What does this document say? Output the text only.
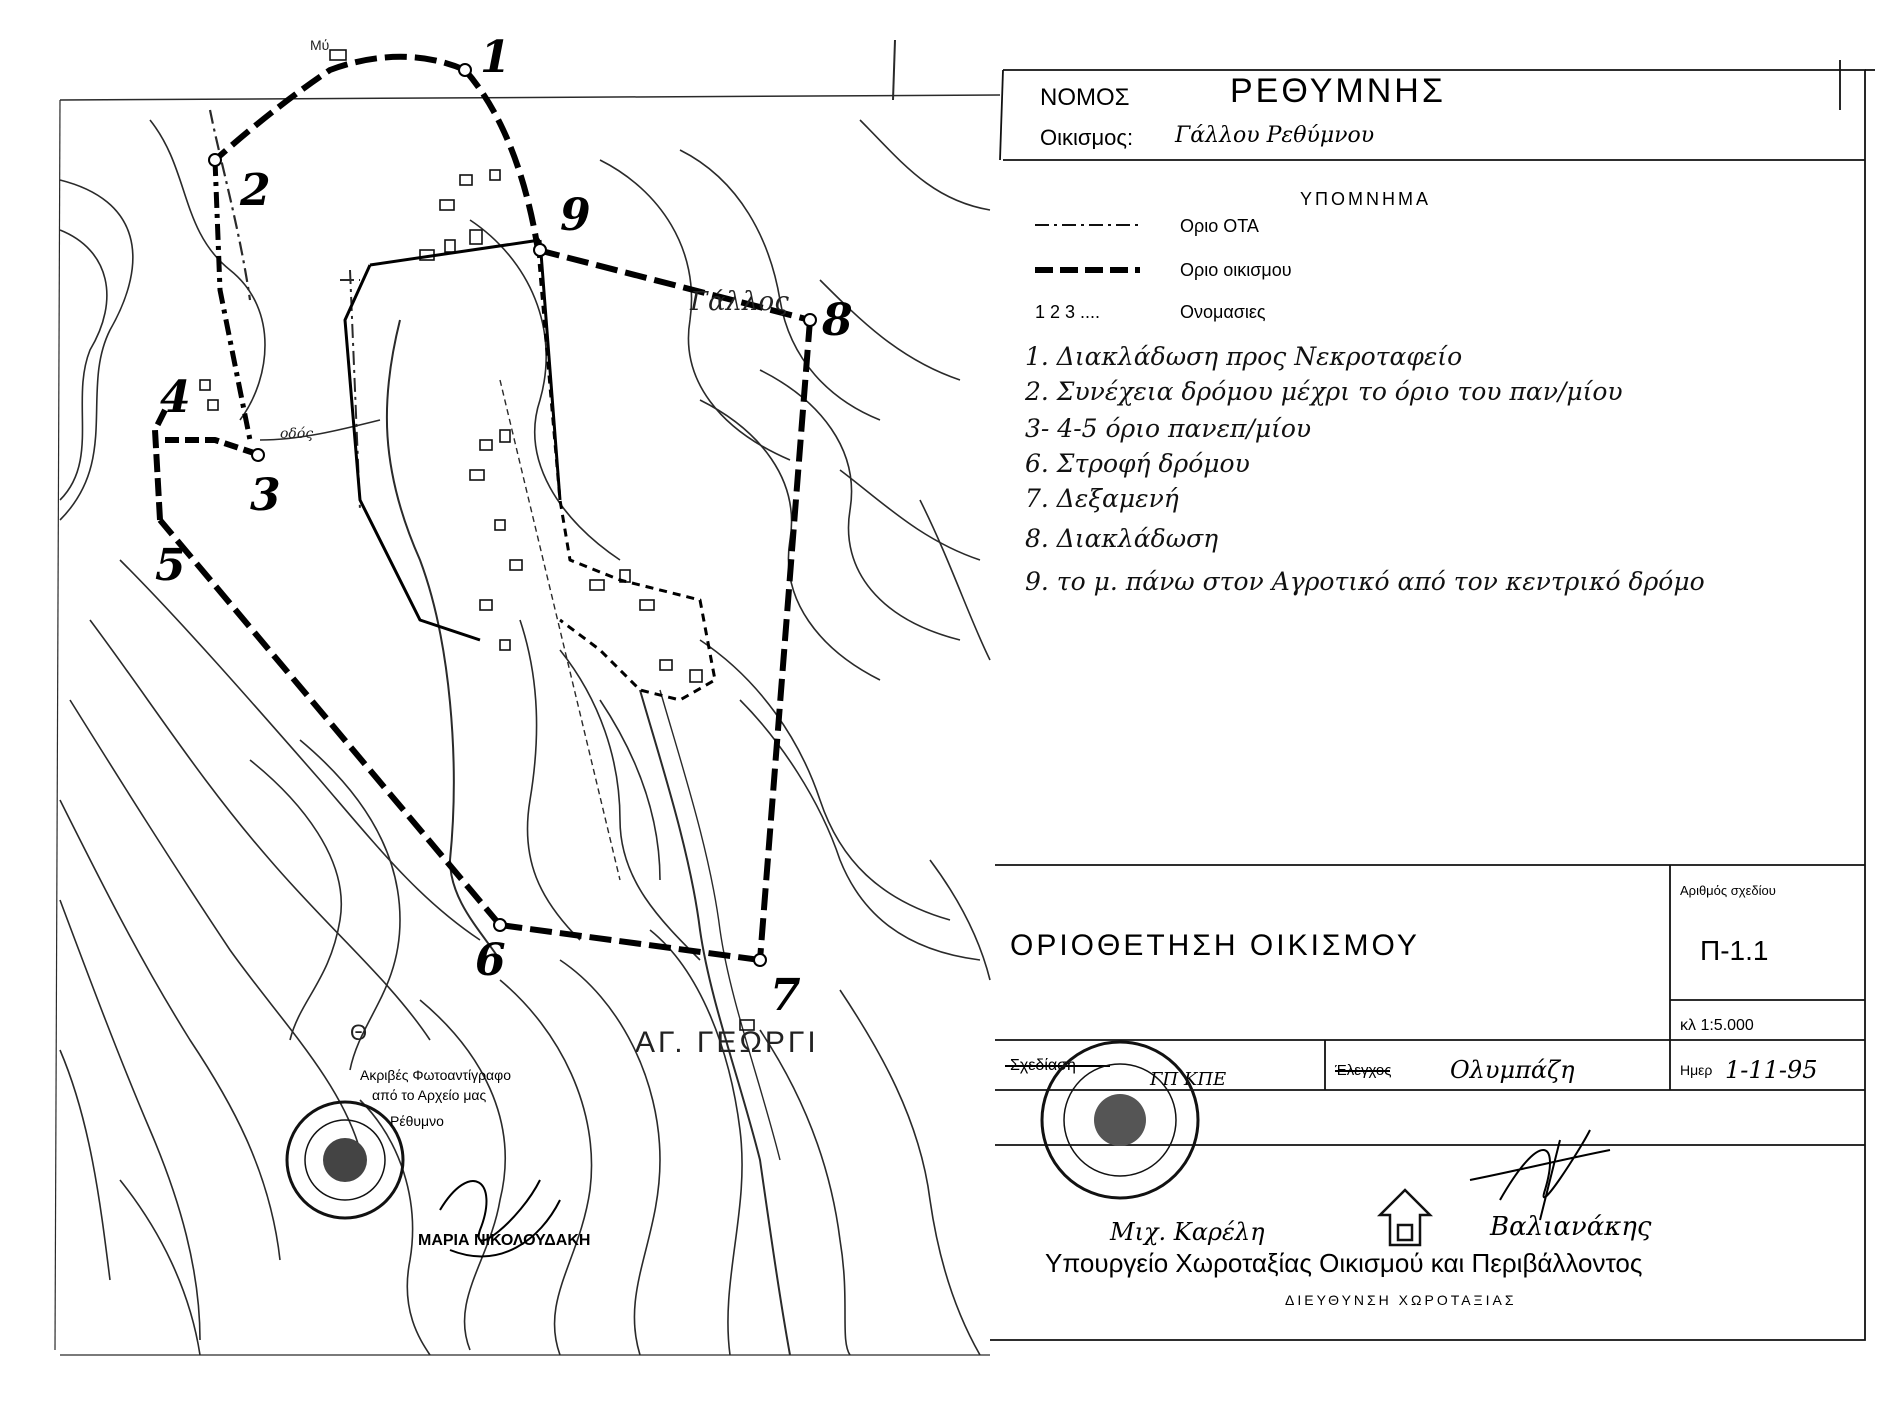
1
2
3
4
5
6
7
8
9
Μύ
Γάλλος
οδός
Θ	ΑΓ. ΓΕΩΡΓΙ
Ακριβές Φωτοαντίγραφο
από το Αρχείο μας
Ρέθυμνο
ΜΑΡΙΑ ΝΙΚΟΛΟΥΔΑΚΗ
ΝΟΜΟΣ	ΡΕΘΥΜΝΗΣ
Οικισμος: Γάλλου Ρεθύμνου
ΥΠΟΜΝΗΜΑ
Οριο ΟΤΑ
Οριο οικισμου
1 2 3 ....	Ονομασιες
1. Διακλάδωση προς Νεκροταφείο
2. Συνέχεια δρόμου μέχρι το όριο του παν/μίου
3- 4-5 όριο πανεπ/μίου
6. Στροφή δρόμου
7. Δεξαμενή
8. Διακλάδωση
9. το μ. πάνω στον Αγροτικό από τον κεντρικό δρόμο
ΟΡΙΟΘΕΤΗΣΗ ΟΙΚΙΣΜΟΥ
Αριθμός σχεδίου
Π-1.1
κλ 1:5.000
Σχεδίαση
ΓΠ ΚΠΕ	Έλεγχος Ολυμπάζη	Ημερ 1-11-95
Μιχ. Καρέλη	Βαλιανάκης
Υπουργείο Χωροταξίας Οικισμού και Περιβάλλοντος
ΔΙΕΥΘΥΝΣΗ ΧΩΡΟΤΑΞΙΑΣ
